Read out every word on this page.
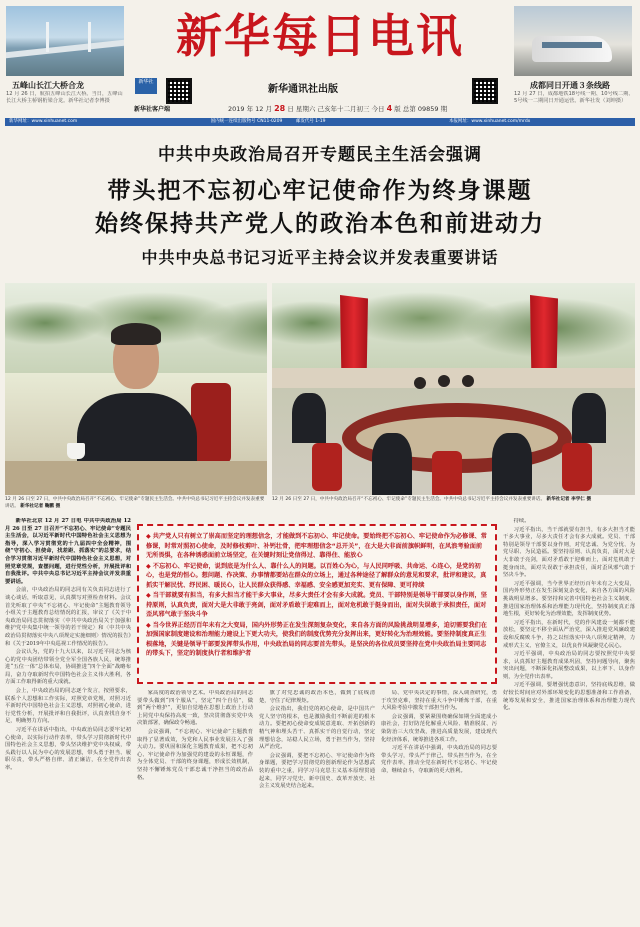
五峰山长江大桥合龙
12 月 26 日，航拍五峰山长江大桥。当日，五峰山长江大桥主桥钢桁梁合龙。新华社记者李博摄
新华社
新华社客户端
新华每日电讯
新华通讯社出版
2019 年 12 月 28 日 星期六 己亥年十二月初三 今日 4 版 总第 09859 期
成都同日开通３条线路
12 月 27 日，成都地铁18号线一期、10号线二期、5号线一二期同日开通运营。新华社发（刘坤摄）
新华网址：www.xinhuanet.com	国内统一连续出版物号 CN11-0209	邮发代号 1-19	本报网址：www.xinhuanet.com/mrdx
中共中央政治局召开专题民主生活会强调
带头把不忘初心牢记使命作为终身课题
始终保持共产党人的政治本色和前进动力
中共中央总书记习近平主持会议并发表重要讲话
12 月 26 日至 27 日，中共中央政治局召开“不忘初心、牢记使命”专题民主生活会。中共中央总书记习近平主持会议并发表重要讲话。 新华社记者 鞠鹏 摄
12 月 26 日至 27 日，中共中央政治局召开“不忘初心、牢记使命”专题民主生活会。中共中央总书记习近平主持会议并发表重要讲话。 新华社记者 李学仁 摄

新华社北京 12 月 27 日电 中共中央政治局 12 月 26 日至 27 日召开“不忘初心、牢记使命”专题民主生活会，以习近平新时代中国特色社会主义思想为指导，深入学习贯彻党的十九届四中全会精神，围绕“守初心、担使命，找差距、抓落实”的总要求，结合学习贯彻习近平新时代中国特色社会主义思想，对照党章党规，查摆问题，进行党性分析，开展批评和自我批评。中共中央总书记习近平主持会议并发表重要讲话。

会前，中央政治局的同志同有关负责同志进行了谈心谈话，听取意见，认真撰写对照检查材料。会议首先听取了中央“不忘初心、牢记使命”主题教育领导小组关于主题教育总结情况的汇报，审议了《关于中央政治局同志贯彻落实〈中共中央政治局关于加强和维护党中央集中统一领导的若干规定〉和〈中共中央政治局贯彻落实中央八项规定实施细则〉情况的报告》和《关于2019年中央巡视工作情况的报告》。

会议认为，党的十九大以来，以习近平同志为核心的党中央团结带领全党全军全国各族人民，统筹推进“五位一体”总体布局，协调推进“四个全面”战略布局，奋力夺取新时代中国特色社会主义伟大胜利，各方面工作取得新的重大成就。

会上，中央政治局的同志逐个发言，按照要求，联系个人思想和工作实际，对照党章党规，对照习近平新时代中国特色社会主义思想，对照初心使命，进行党性分析，开展批评和自我批评，认真查找自身不足，明确努力方向。

习近平在讲话中指出，中央政治局同志要牢记初心使命，以实际行动作表率，带头学习贯彻新时代中国特色社会主义思想，带头坚决维护党中央权威，带头践行以人民为中心的发展思想，带头勇于担当、履职尽责，带头严格自律、清正廉洁，在全党作出表率。

◆ 共产党人只有树立了崇高而坚定的理想信念，才能做到不忘初心、牢记使命。要始终把不忘初心、牢记使命作为必修课、常修课，时常对照初心使命，及时修枝剪叶、补钙壮骨，把牢理想信念“总开关”，在大是大非面前旗帜鲜明，在风浪考验面前无所畏惧，在各种诱惑面前立场坚定，在关键时刻让党信得过、靠得住、能放心

◆ 不忘初心、牢记使命，说到底是为什么人、靠什么人的问题。以百姓心为心，与人民同呼吸、共命运、心连心，是党的初心，也是党的恒心。想问题、作决策、办事情都要站在群众的立场上，通过各种途径了解群众的意见和要求，批评和建议，真抓实干解民忧、纾民困、暖民心，让人民群众获得感、幸福感、安全感更加充实、更有保障、更可持续

◆ 当干部就要有担当，有多大担当才能干多大事业，尽多大责任才会有多大成就。党员、干部特别是领导干部要以身作则，坚持原则，认真负责，面对大是大非敢于亮剑，面对矛盾敢于迎难而上，面对危机敢于挺身而出，面对失误敢于承担责任，面对歪风邪气敢于坚决斗争

◆ 当今世界正经历百年未有之大变局，国内外形势正在发生深刻复杂变化，来自各方面的风险挑战明显增多，迫切需要我们在加强国家制度建设和治理能力建设上下更大功夫，使我们的制度优势充分发挥出来，更好转化为治理效能。要坚持制度真正生根落地，关键是领导干部要发挥带头作用，中央政治局的同志要首先带头，是坚决的各位成员要坚持在党中央政治局主要同志的带头下，坚定的制度执行者和维护者

家高度的政治领导艺术。中央政治局的同志要带头做到“四个服从”，坚定“四个自信”，做到“两个维护”，更加自觉地在思想上政治上行动上同党中央保持高度一致，坚决贯彻落实党中央决策部署，确保政令畅通。

会议强调，“不忘初心、牢记使命”主题教育取得了显著成效，为党和人民事业发展注入了强大动力。要巩固和深化主题教育成果，把不忘初心、牢记使命作为加强党的建设的永恒课题，作为全体党员、干部的终身课题，形成长效机制，坚持不懈锤炼党员干部忠诚干净担当的政治品格。

旗了对党忠诚的政治本色，做到了底线清楚，守住了纪律规矩。

会议指出，我们党的初心使命，是中国共产党人坚守的根本，也是激励我们不断前进的根本动力。要把初心使命变成锐意进取、开拓创新的精气神和埋头苦干、真抓实干的自觉行动，坚定理想信念，站稳人民立场，勇于担当作为，坚持从严治党。

会议强调，要把不忘初心、牢记使命作为终身课题，要把学习贯彻党的创新理论作为思想武装的重中之重，同学习马克思主义基本原理贯通起来，同学习党史、新中国史、改革开放史、社会主义发展史结合起来。

局、党中央决定的事情，深入调查研究，勇于攻坚克难，坚持在重大斗争中锤炼干部，在重大风险考验中激发干部担当作为。

会议强调，要紧紧围绕确保如期全面建成小康社会，打好防范化解重大风险、精准脱贫、污染防治三大攻坚战，推进高质量发展，建设现代化经济体系，统筹推进各项工作。

习近平在讲话中强调，中央政治局的同志要带头学习，带头严于律己，带头担当作为，在全党作表率，推动全党在新时代不忘初心、牢记使命，继续奋斗，夺取新的更大胜利。

持续。

习近平指出，当干部就要有担当，有多大担当才能干多大事业，尽多大责任才会有多大成就。党员、干部特别是领导干部要以身作则，对党忠诚、为党分忧、为党尽职、为民造福。要坚持原则、认真负责，面对大是大非敢于亮剑，面对矛盾敢于迎难而上，面对危机敢于挺身而出，面对失误敢于承担责任，面对歪风邪气敢于坚决斗争。

习近平强调，当今世界正经历百年未有之大变局，国内外形势正在发生深刻复杂变化，来自各方面的风险挑战明显增多。要坚持和完善中国特色社会主义制度、推进国家治理体系和治理能力现代化，坚持制度真正落地生根，更好转化为治理效能，发挥制度优势。

习近平指出，在新时代，党的作风建设一刻都不能放松，要坚定不移全面从严治党，深入推进党风廉政建设和反腐败斗争，持之以恒落实中央八项规定精神，力戒形式主义、官僚主义，以优良作风凝聚党心民心。

习近平强调，中央政治局的同志要按照党中央要求，认真抓好主题教育成果巩固，坚持问题导向，聚焦突出问题，不断深化拓展整改成果，以上率下、以身作则，为全党作出表率。

习近平强调，要增强忧患意识，坚持底线思维，做好较长时间应对外部环境变化的思想准备和工作准备，统筹发展和安全，推进国家治理体系和治理能力现代化。
